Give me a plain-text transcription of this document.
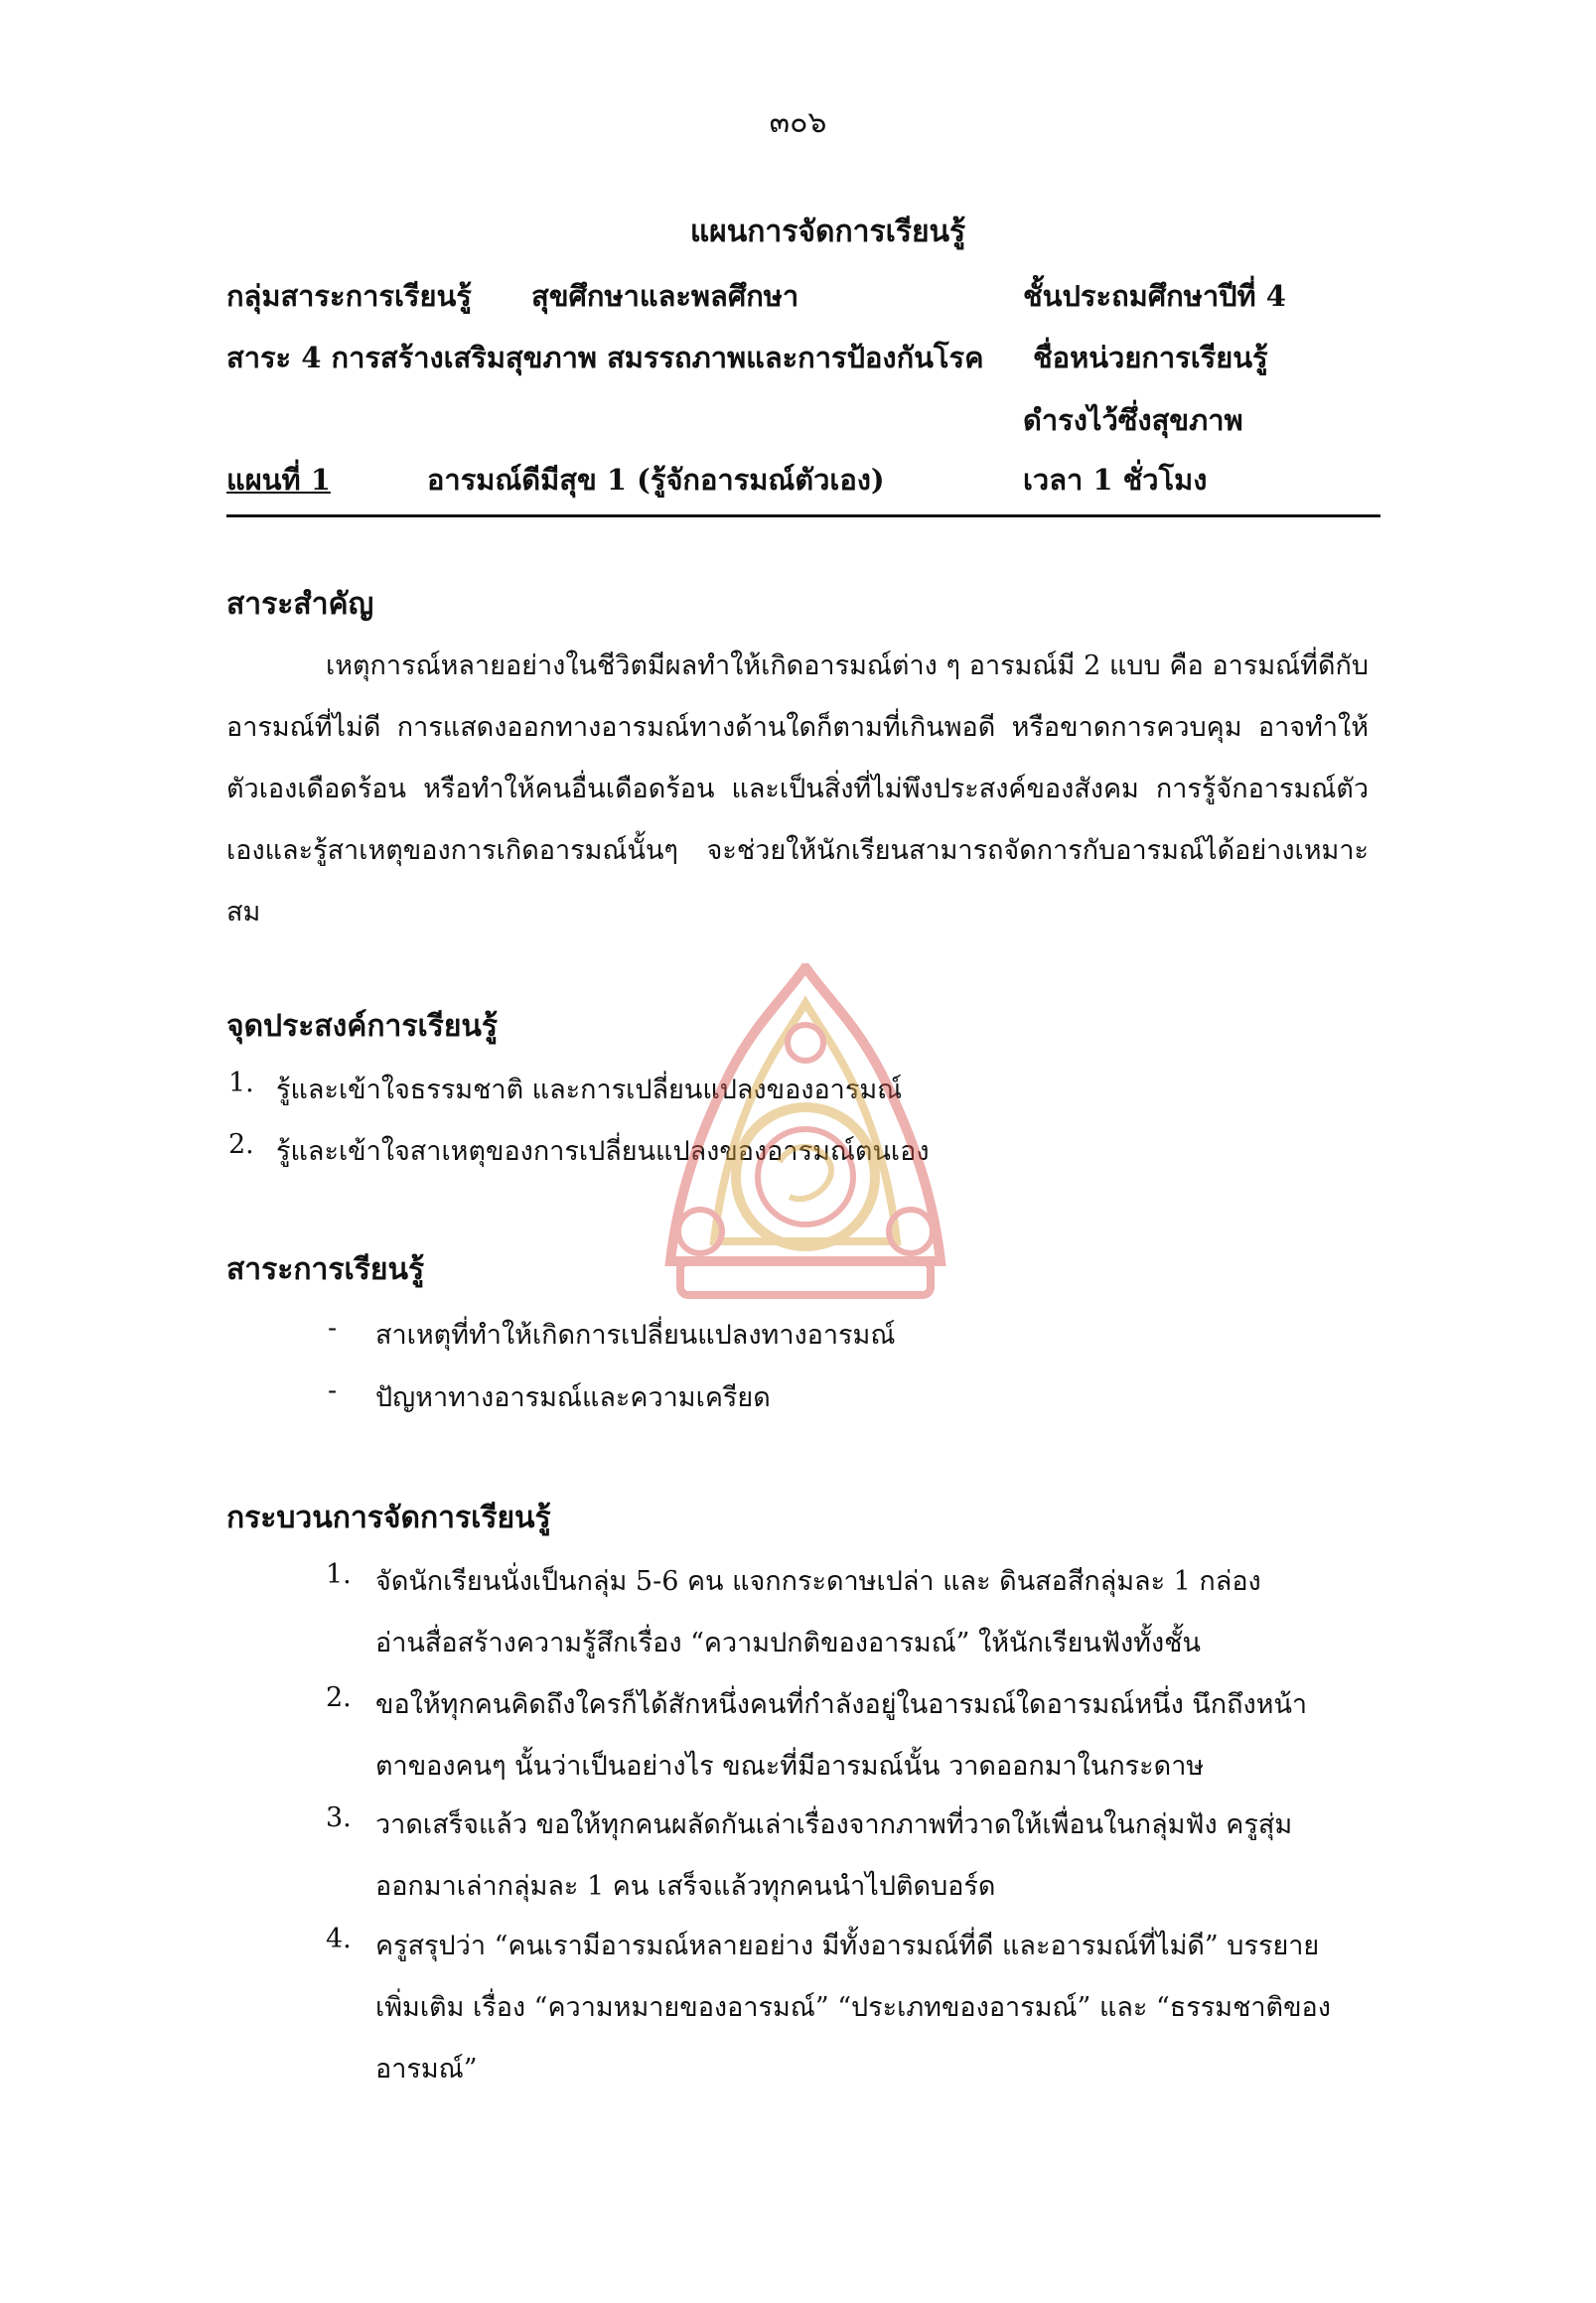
๓๐๖
แผนการจัดการเรียนรู้
กลุ่มสาระการเรียนรู้ สุขศึกษาและพลศึกษา	ชั้นประถมศึกษาปีที่ 4
สาระ 4 การสร้างเสริมสุขภาพ สมรรถภาพและการป้องกันโรค ชื่อหน่วยการเรียนรู้
ดำรงไว้ซึ่งสุขภาพ
แผนที่ 1	อารมณ์ดีมีสุข 1 (รู้จักอารมณ์ตัวเอง)	เวลา 1 ชั่วโมง
สาระสำคัญ
เหตุการณ์หลายอย่างในชีวิตมีผลทำให้เกิดอารมณ์ต่าง ๆ อารมณ์มี 2 แบบ คือ อารมณ์ที่ดีกับอารมณ์ที่ไม่ดี การแสดงออกทางอารมณ์ทางด้านใดก็ตามที่เกินพอดี หรือขาดการควบคุม อาจทำให้ตัวเองเดือดร้อน หรือทำให้คนอื่นเดือดร้อน และเป็นสิ่งที่ไม่พึงประสงค์ของสังคม การรู้จักอารมณ์ตัวเองและรู้สาเหตุของการเกิดอารมณ์นั้นๆ จะช่วยให้นักเรียนสามารถจัดการกับอารมณ์ได้อย่างเหมาะสม
จุดประสงค์การเรียนรู้
1. รู้และเข้าใจธรรมชาติ และการเปลี่ยนแปลงของอารมณ์
2. รู้และเข้าใจสาเหตุของการเปลี่ยนแปลงของอารมณ์ตนเอง
สาระการเรียนรู้
- สาเหตุที่ทำให้เกิดการเปลี่ยนแปลงทางอารมณ์
- ปัญหาทางอารมณ์และความเครียด
กระบวนการจัดการเรียนรู้
1. จัดนักเรียนนั่งเป็นกลุ่ม 5-6 คน แจกกระดาษเปล่า และ ดินสอสีกลุ่มละ 1 กล่อง
อ่านสื่อสร้างความรู้สึกเรื่อง “ความปกติของอารมณ์” ให้นักเรียนฟังทั้งชั้น
2. ขอให้ทุกคนคิดถึงใครก็ได้สักหนึ่งคนที่กำลังอยู่ในอารมณ์ใดอารมณ์หนึ่ง นึกถึงหน้า
ตาของคนๆ นั้นว่าเป็นอย่างไร ขณะที่มีอารมณ์นั้น วาดออกมาในกระดาษ
3. วาดเสร็จแล้ว ขอให้ทุกคนผลัดกันเล่าเรื่องจากภาพที่วาดให้เพื่อนในกลุ่มฟัง ครูสุ่ม
ออกมาเล่ากลุ่มละ 1 คน เสร็จแล้วทุกคนนำไปติดบอร์ด
4. ครูสรุปว่า “คนเรามีอารมณ์หลายอย่าง มีทั้งอารมณ์ที่ดี และอารมณ์ที่ไม่ดี” บรรยาย
เพิ่มเติม เรื่อง “ความหมายของอารมณ์” “ประเภทของอารมณ์” และ “ธรรมชาติของ
อารมณ์”
